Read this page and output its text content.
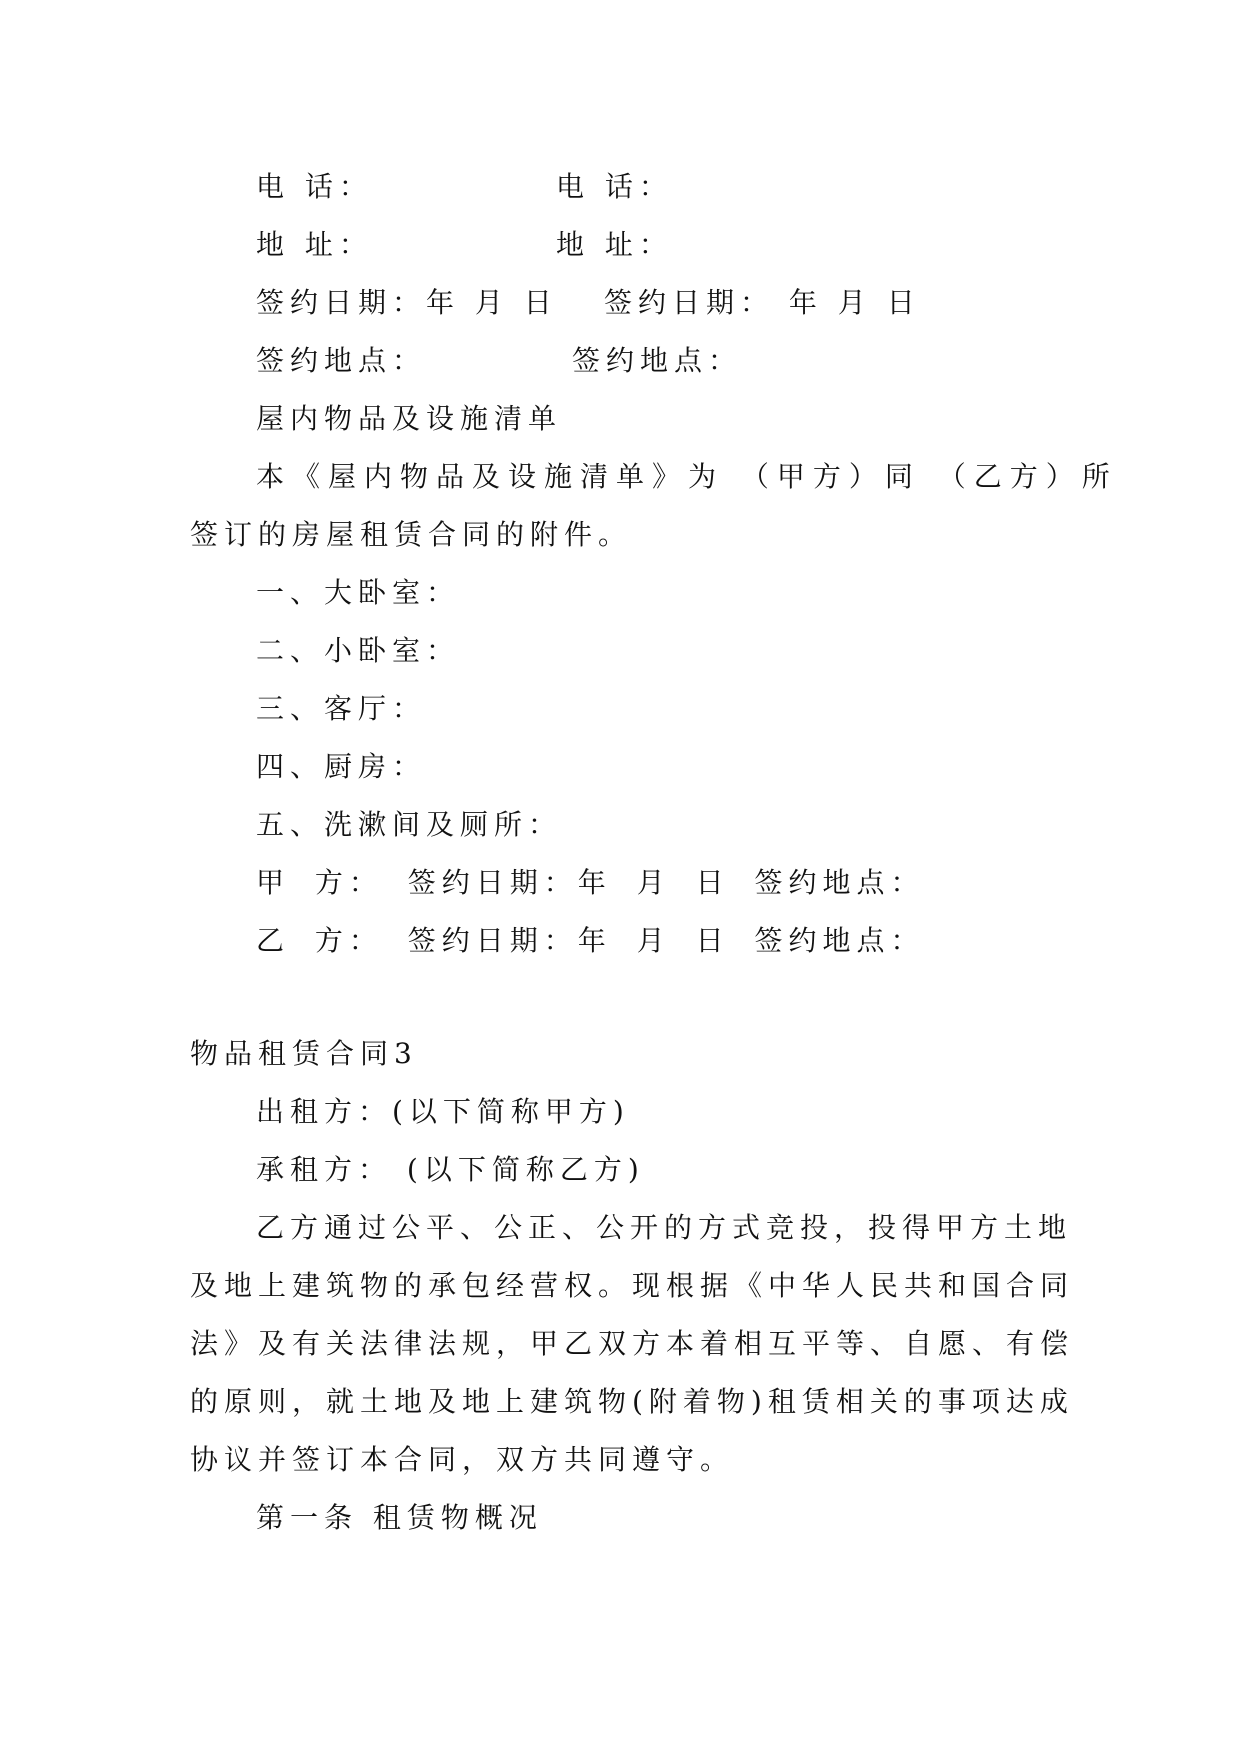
电 话：	电 话：
地 址：	地 址：
签约日期：年 月 日 签约日期： 年 月 日
签约地点：	签约地点：
屋内物品及设施清单
本《屋内物品及设施清单》为 （甲方）同 （乙方）所
签订的房屋租赁合同的附件。
一、大卧室：
二、小卧室：
三、客厅：
四、厨房：
五、洗漱间及厕所：
甲 方： 签约日期：年 月 日 签约地点：
乙 方： 签约日期：年 月 日 签约地点：
物品租赁合同3
出租方：(以下简称甲方)
承租方： (以下简称乙方)
乙方通过公平、公正、公开的方式竞投，投得甲方土地
及地上建筑物的承包经营权。现根据《中华人民共和国合同
法》及有关法律法规，甲乙双方本着相互平等、自愿、有偿
的原则，就土地及地上建筑物(附着物)租赁相关的事项达成
协议并签订本合同，双方共同遵守。
第一条 租赁物概况
